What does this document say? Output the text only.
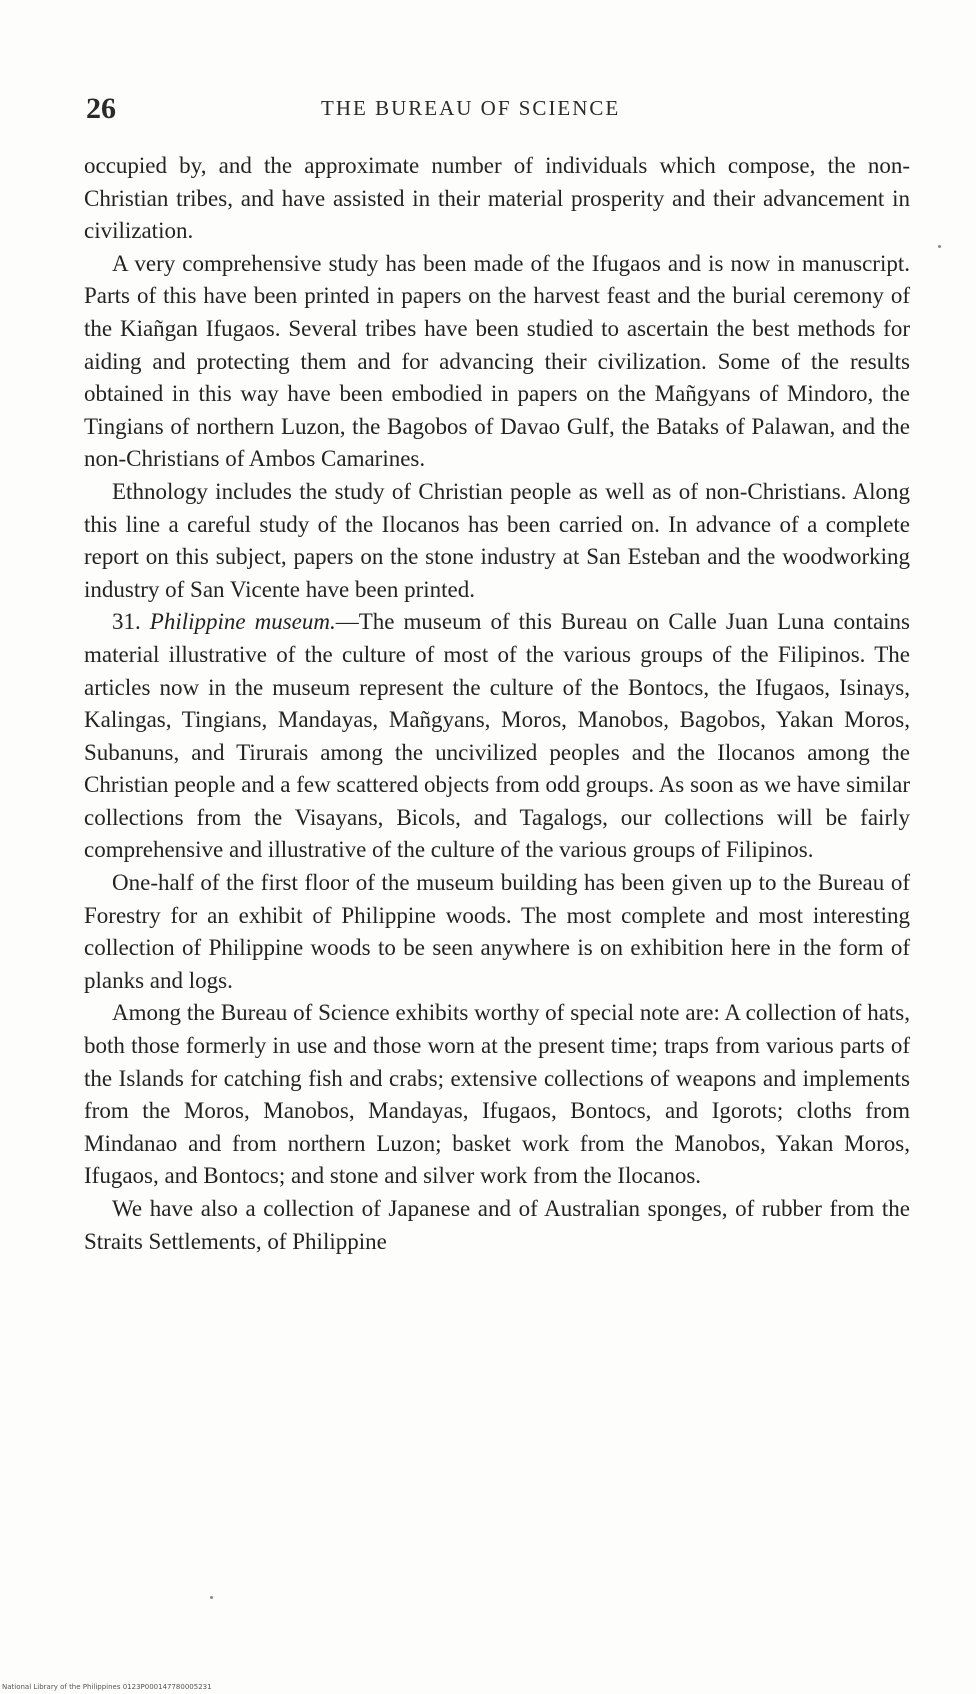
26	THE BUREAU OF SCIENCE

occupied by, and the approximate number of individuals which compose, the non-Christian tribes, and have assisted in their material prosperity and their advancement in civilization.

A very comprehensive study has been made of the Ifugaos and is now in manuscript. Parts of this have been printed in papers on the harvest feast and the burial ceremony of the Kiañgan Ifugaos. Several tribes have been studied to ascertain the best methods for aiding and protecting them and for advancing their civilization. Some of the results obtained in this way have been embodied in papers on the Mañgyans of Mindoro, the Tingians of northern Luzon, the Bagobos of Davao Gulf, the Bataks of Palawan, and the non-Christians of Ambos Camarines.

Ethnology includes the study of Christian people as well as of non-Christians. Along this line a careful study of the Ilocanos has been carried on. In advance of a complete report on this subject, papers on the stone industry at San Esteban and the woodworking industry of San Vicente have been printed.

31. Philippine museum.—The museum of this Bureau on Calle Juan Luna contains material illustrative of the culture of most of the various groups of the Filipinos. The articles now in the museum represent the culture of the Bontocs, the Ifugaos, Isinays, Kalingas, Tingians, Mandayas, Mañgyans, Moros, Manobos, Bagobos, Yakan Moros, Subanuns, and Tirurais among the uncivilized peoples and the Ilocanos among the Christian people and a few scattered objects from odd groups. As soon as we have similar collections from the Visayans, Bicols, and Tagalogs, our collections will be fairly comprehensive and illustrative of the culture of the various groups of Filipinos.

One-half of the first floor of the museum building has been given up to the Bureau of Forestry for an exhibit of Philippine woods. The most complete and most interesting collection of Philippine woods to be seen anywhere is on exhibition here in the form of planks and logs.

Among the Bureau of Science exhibits worthy of special note are: A collection of hats, both those formerly in use and those worn at the present time; traps from various parts of the Islands for catching fish and crabs; extensive collections of weapons and implements from the Moros, Manobos, Mandayas, Ifugaos, Bontocs, and Igorots; cloths from Mindanao and from northern Luzon; basket work from the Manobos, Yakan Moros, Ifugaos, and Bontocs; and stone and silver work from the Ilocanos.

We have also a collection of Japanese and of Australian sponges, of rubber from the Straits Settlements, of Philippine

National Library of the Philippines 0123P000147780005231
